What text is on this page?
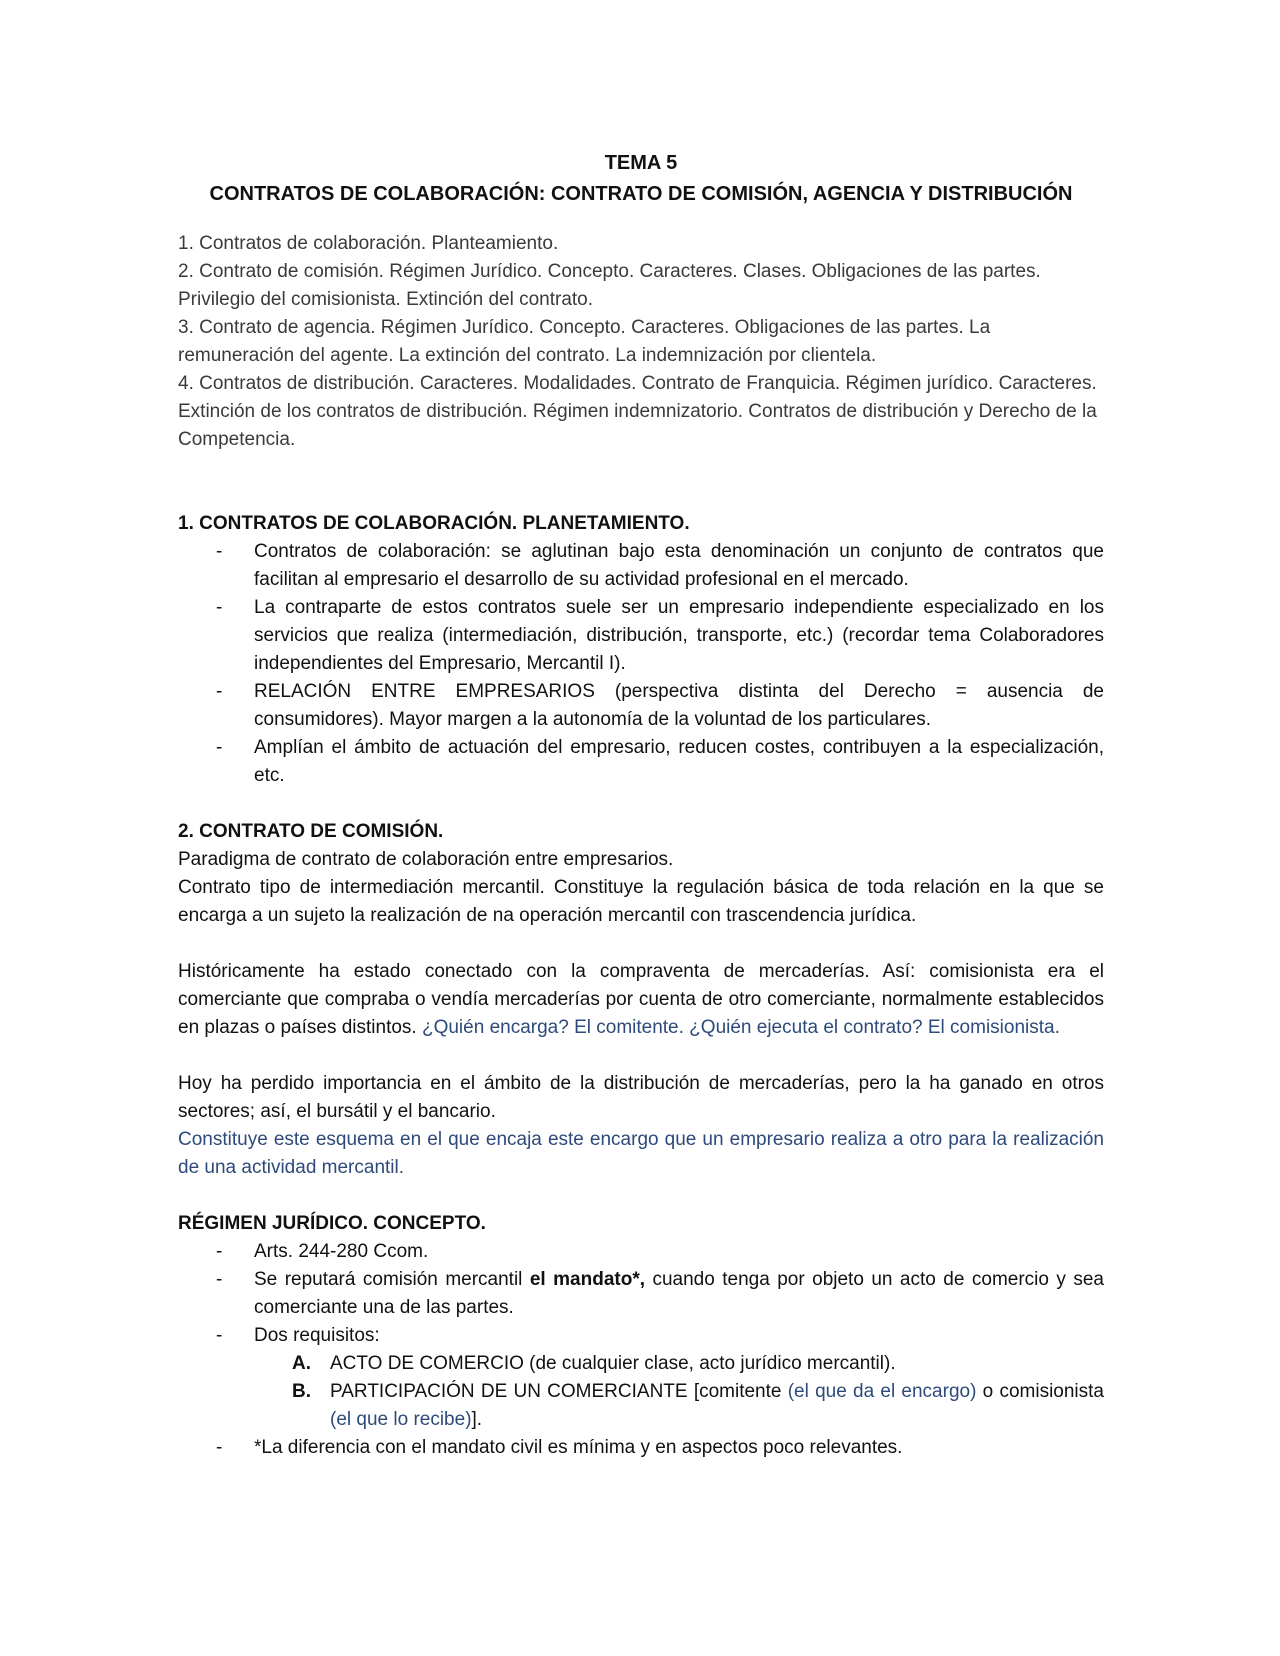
TEMA 5
CONTRATOS DE COLABORACIÓN: CONTRATO DE COMISIÓN, AGENCIA Y DISTRIBUCIÓN

1. Contratos de colaboración. Planteamiento.

2. Contrato de comisión. Régimen Jurídico. Concepto. Caracteres. Clases. Obligaciones de las partes. Privilegio del comisionista. Extinción del contrato.

3. Contrato de agencia. Régimen Jurídico. Concepto. Caracteres. Obligaciones de las partes. La remuneración del agente. La extinción del contrato. La indemnización por clientela.

4. Contratos de distribución. Caracteres. Modalidades. Contrato de Franquicia. Régimen jurídico. Caracteres. Extinción de los contratos de distribución. Régimen indemnizatorio. Contratos de distribución y Derecho de la Competencia.

1. CONTRATOS DE COLABORACIÓN. PLANETAMIENTO.
- Contratos de colaboración: se aglutinan bajo esta denominación un conjunto de contratos que facilitan al empresario el desarrollo de su actividad profesional en el mercado.
- La contraparte de estos contratos suele ser un empresario independiente especializado en los servicios que realiza (intermediación, distribución, transporte, etc.) (recordar tema Colaboradores independientes del Empresario, Mercantil I).
- RELACIÓN ENTRE EMPRESARIOS (perspectiva distinta del Derecho = ausencia de consumidores). Mayor margen a la autonomía de la voluntad de los particulares.
- Amplían el ámbito de actuación del empresario, reducen costes, contribuyen a la especialización, etc.
2. CONTRATO DE COMISIÓN.

Paradigma de contrato de colaboración entre empresarios.

Contrato tipo de intermediación mercantil. Constituye la regulación básica de toda relación en la que se encarga a un sujeto la realización de na operación mercantil con trascendencia jurídica.

Históricamente ha estado conectado con la compraventa de mercaderías. Así: comisionista era el comerciante que compraba o vendía mercaderías por cuenta de otro comerciante, normalmente establecidos en plazas o países distintos. ¿Quién encarga? El comitente. ¿Quién ejecuta el contrato? El comisionista.

Hoy ha perdido importancia en el ámbito de la distribución de mercaderías, pero la ha ganado en otros sectores; así, el bursátil y el bancario.

Constituye este esquema en el que encaja este encargo que un empresario realiza a otro para la realización de una actividad mercantil.

RÉGIMEN JURÍDICO. CONCEPTO.
- Arts. 244-280 Ccom.
- Se reputará comisión mercantil el mandato*, cuando tenga por objeto un acto de comercio y sea comerciante una de las partes.
- Dos requisitos:
A. ACTO DE COMERCIO (de cualquier clase, acto jurídico mercantil).
B. PARTICIPACIÓN DE UN COMERCIANTE [comitente (el que da el encargo) o comisionista (el que lo recibe)].
- *La diferencia con el mandato civil es mínima y en aspectos poco relevantes.
